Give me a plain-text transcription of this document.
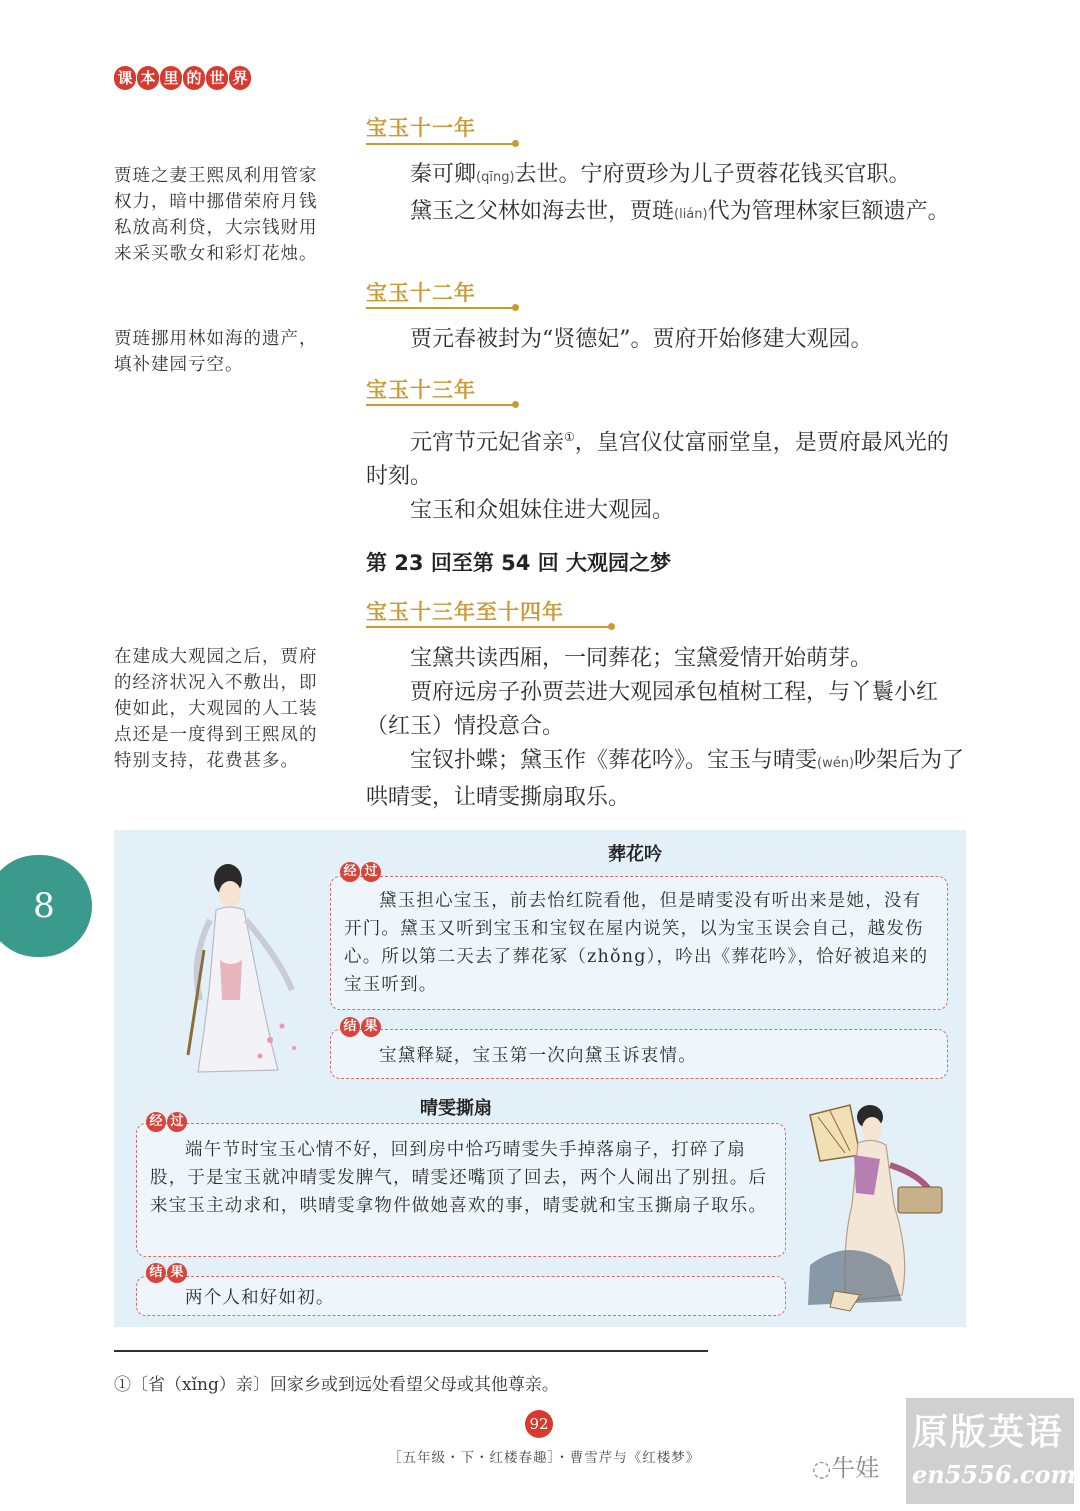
课 本 里 的 世 界
宝玉十一年

秦可卿(qīng)去世。宁府贾珍为儿子贾蓉花钱买官职。

黛玉之父林如海去世，贾琏(lián)代为管理林家巨额遗产。

宝玉十二年

贾元春被封为“贤德妃”。贾府开始修建大观园。

宝玉十三年

元宵节元妃省亲①，皇宫仪仗富丽堂皇，是贾府最风光的时刻。

宝玉和众姐妹住进大观园。

第 23 回至第 54 回 大观园之梦
宝玉十三年至十四年

宝黛共读西厢，一同葬花；宝黛爱情开始萌芽。

贾府远房子孙贾芸进大观园承包植树工程，与丫鬟小红（红玉）情投意合。

宝钗扑蝶；黛玉作《葬花吟》。宝玉与晴雯(wén)吵架后为了哄晴雯，让晴雯撕扇取乐。

贾琏之妻王熙凤利用管家权力，暗中挪借荣府月钱私放高利贷，大宗钱财用来采买歌女和彩灯花烛。
贾琏挪用林如海的遗产，填补建园亏空。
在建成大观园之后，贾府的经济状况入不敷出，即使如此，大观园的人工装点还是一度得到王熙凤的特别支持，花费甚多。
8
葬花吟
经 过

黛玉担心宝玉，前去怡红院看他，但是晴雯没有听出来是她，没有开门。黛玉又听到宝玉和宝钗在屋内说笑，以为宝玉误会自己，越发伤心。所以第二天去了葬花冢（zhǒng），吟出《葬花吟》，恰好被追来的宝玉听到。

结 果

宝黛释疑，宝玉第一次向黛玉诉衷情。

晴雯撕扇
经 过

端午节时宝玉心情不好，回到房中恰巧晴雯失手掉落扇子，打碎了扇股，于是宝玉就冲晴雯发脾气，晴雯还嘴顶了回去，两个人闹出了别扭。后来宝玉主动求和，哄晴雯拿物件做她喜欢的事，晴雯就和宝玉撕扇子取乐。

结 果

两个人和好如初。

①〔省（xǐng）亲〕回家乡或到远处看望父母或其他尊亲。
92
［五年级・下・红楼春趣］・曹雪芹与《红楼梦》	◌牛娃
原版英语
en5556.com
